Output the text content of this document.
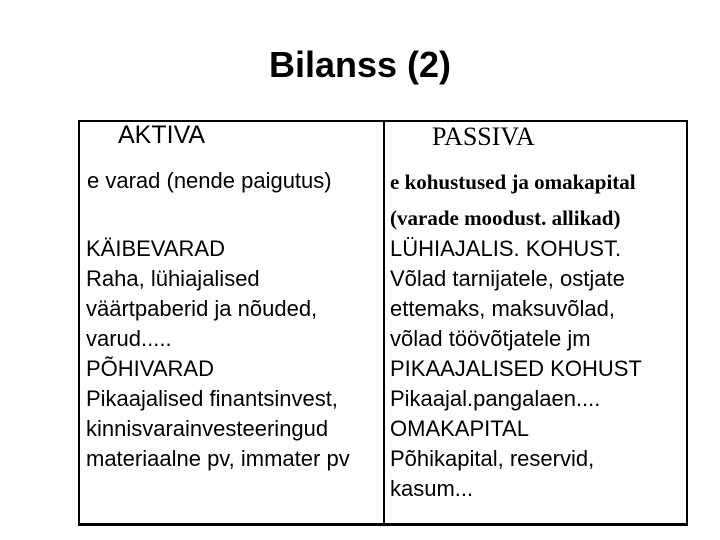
Bilanss (2)
AKTIVA	PASSIVA
e varad (nende paigutus)	e kohustused ja omakapital
(varade moodust. allikad)
KÄIBEVARAD
Raha, lühiajalised
väärtpaberid ja nõuded,
varud.....
PÕHIVARAD
Pikaajalised finantsinvest,
kinnisvarainvesteeringud
materiaalne pv, immater pv
LÜHIAJALIS. KOHUST.
Võlad tarnijatele, ostjate
ettemaks, maksuvõlad,
võlad töövõtjatele jm
PIKAAJALISED KOHUST
Pikaajal.pangalaen....
OMAKAPITAL
Põhikapital, reservid,
kasum...
